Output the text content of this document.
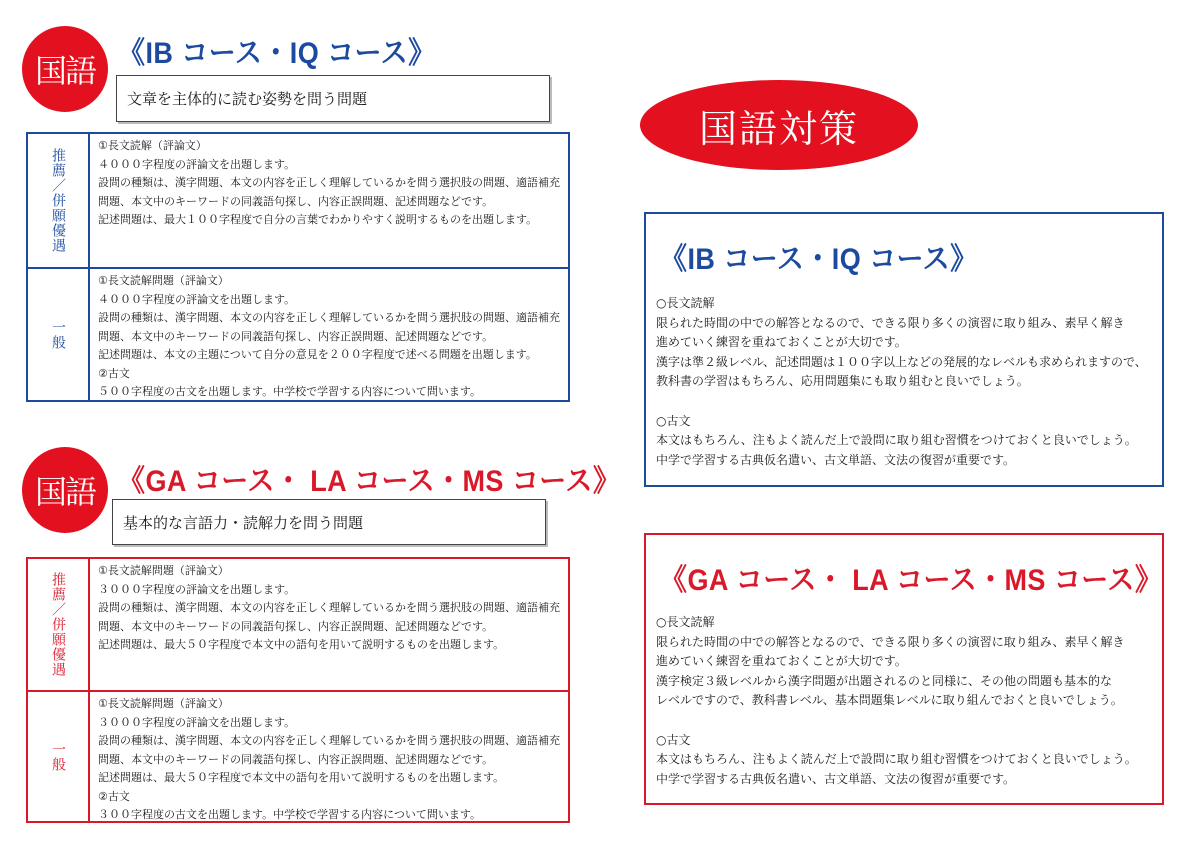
国語 《IB コース・IQ コース》
文章を主体的に読む姿勢を問う問題
推薦／併願優遇
①長文読解（評論文）
４０００字程度の評論文を出題します。
設問の種類は、漢字問題、本文の内容を正しく理解しているかを問う選択肢の問題、適語補充
問題、本文中のキーワードの同義語句探し、内容正誤問題、記述問題などです。
記述問題は、最大１００字程度で自分の言葉でわかりやすく説明するものを出題します。
一般
①長文読解問題（評論文）
４０００字程度の評論文を出題します。
設問の種類は、漢字問題、本文の内容を正しく理解しているかを問う選択肢の問題、適語補充
問題、本文中のキーワードの同義語句探し、内容正誤問題、記述問題などです。
記述問題は、本文の主題について自分の意見を２００字程度で述べる問題を出題します。
②古文
５００字程度の古文を出題します。中学校で学習する内容について問います。
国語 《GA コース・ LA コース・MS コース》
基本的な言語力・読解力を問う問題
推薦／併願優遇
①長文読解問題（評論文）
３０００字程度の評論文を出題します。
設問の種類は、漢字問題、本文の内容を正しく理解しているかを問う選択肢の問題、適語補充
問題、本文中のキーワードの同義語句探し、内容正誤問題、記述問題などです。
記述問題は、最大５０字程度で本文中の語句を用いて説明するものを出題します。
一般
①長文読解問題（評論文）
３０００字程度の評論文を出題します。
設問の種類は、漢字問題、本文の内容を正しく理解しているかを問う選択肢の問題、適語補充
問題、本文中のキーワードの同義語句探し、内容正誤問題、記述問題などです。
記述問題は、最大５０字程度で本文中の語句を用いて説明するものを出題します。
②古文
３００字程度の古文を出題します。中学校で学習する内容について問います。
国語対策
《IB コース・IQ コース》
○長文読解
限られた時間の中での解答となるので、できる限り多くの演習に取り組み、素早く解き
進めていく練習を重ねておくことが大切です。
漢字は準２級レベル、記述問題は１００字以上などの発展的なレベルも求められますので、
教科書の学習はもちろん、応用問題集にも取り組むと良いでしょう。
○古文
本文はもちろん、注もよく読んだ上で設問に取り組む習慣をつけておくと良いでしょう。
中学で学習する古典仮名遣い、古文単語、文法の復習が重要です。
《GA コース・ LA コース・MS コース》
○長文読解
限られた時間の中での解答となるので、できる限り多くの演習に取り組み、素早く解き
進めていく練習を重ねておくことが大切です。
漢字検定３級レベルから漢字問題が出題されるのと同様に、その他の問題も基本的な
レベルですので、教科書レベル、基本問題集レベルに取り組んでおくと良いでしょう。
○古文
本文はもちろん、注もよく読んだ上で設問に取り組む習慣をつけておくと良いでしょう。
中学で学習する古典仮名遣い、古文単語、文法の復習が重要です。
